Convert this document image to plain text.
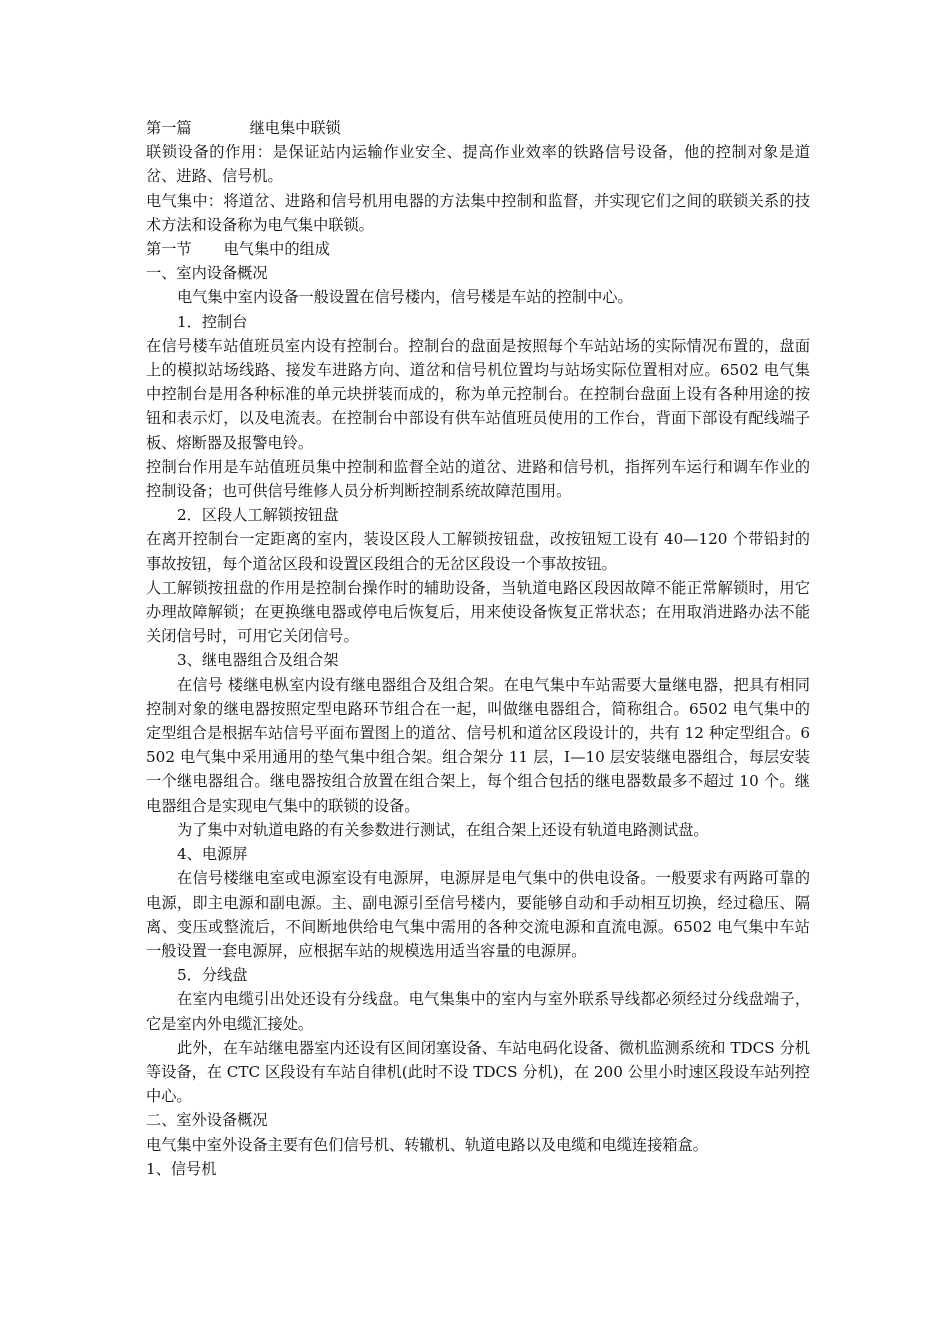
第一篇	继电集中联锁

联锁设备的作用：是保证站内运输作业安全、提高作业效率的铁路信号设备，他的控制对象是道岔、进路、信号机。

电气集中：将道岔、进路和信号机用电器的方法集中控制和监督，并实现它们之间的联锁关系的技术方法和设备称为电气集中联锁。

第一节 电气集中的组成

一、室内设备概况

电气集中室内设备一般设置在信号楼内，信号楼是车站的控制中心。

1．控制台

在信号楼车站值班员室内设有控制台。控制台的盘面是按照每个车站站场的实际情况布置的，盘面上的模拟站场线路、接发车进路方向、道岔和信号机位置均与站场实际位置相对应。6502 电气集中控制台是用各种标准的单元块拼装而成的，称为单元控制台。在控制台盘面上设有各种用途的按钮和表示灯，以及电流表。在控制台中部设有供车站值班员使用的工作台，背面下部设有配线端子板、熔断器及报警电铃。

控制台作用是车站值班员集中控制和监督全站的道岔、进路和信号机，指挥列车运行和调车作业的控制设备；也可供信号维修人员分析判断控制系统故障范围用。

2．区段人工解锁按钮盘

在离开控制台一定距离的室内，装设区段人工解锁按钮盘，改按钮短工设有 40—120 个带铅封的事故按钮，每个道岔区段和设置区段组合的无岔区段设一个事故按钮。

人工解锁按扭盘的作用是控制台操作时的辅助设备，当轨道电路区段因故障不能正常解锁时，用它办理故障解锁；在更换继电器或停电后恢复后，用来使设备恢复正常状态；在用取消进路办法不能关闭信号时，可用它关闭信号。

3、继电器组合及组合架

在信号 楼继电枞室内设有继电器组合及组合架。在电气集中车站需要大量继电器，把具有相同控制对象的继电器按照定型电路环节组合在一起，叫做继电器组合，简称组合。6502 电气集中的定型组合是根据车站信号平面布置图上的道岔、信号机和道岔区段设计的，共有 12 种定型组合。6502 电气集中采用通用的垫气集中组合架。组合架分 11 层，Ⅰ—10 层安装继电器组合，每层安装一个继电器组合。继电器按组合放置在组合架上，每个组合包括的继电器数最多不超过 10 个。继电器组合是实现电气集中的联锁的设备。

为了集中对轨道电路的有关参数进行测试，在组合架上还设有轨道电路测试盘。

4、电源屏

在信号楼继电室或电源室设有电源屏，电源屏是电气集中的供电设备。一般要求有两路可靠的电源，即主电源和副电源。主、副电源引至信号楼内，要能够自动和手动相互切换，经过稳压、隔离、变压或整流后，不间断地供给电气集中需用的各种交流电源和直流电源。6502 电气集中车站一般设置一套电源屏，应根据车站的规模选用适当容量的电源屏。

5．分线盘

在室内电缆引出处还设有分线盘。电气集集中的室内与室外联系导线都必须经过分线盘端子，它是室内外电缆汇接处。

此外，在车站继电器室内还设有区间闭塞设备、车站电码化设备、微机监测系统和 TDCS 分机等设备，在 CTC 区段设有车站自律机(此时不设 TDCS 分机)，在 200 公里小时速区段设车站列控中心。

二、室外设备概况

电气集中室外设备主要有色们信号机、转辙机、轨道电路以及电缆和电缆连接箱盒。

1、信号机
